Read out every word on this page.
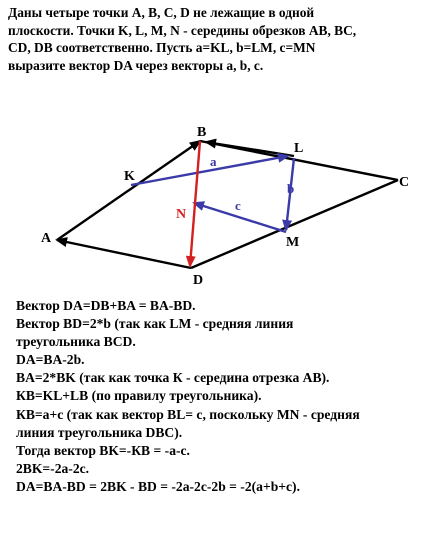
Даны четыре точки A, B, C, D не лежащие в одной
плоскости. Точки K, L, M, N - середины обрезков AB, BC,
CD, DB соответственно. Пусть a=KL, b=LM, c=MN
выразите вектор DA через векторы a, b, c.
A
B
C
D
K
L
M
N
a
b
c
Вектор DA=DB+BA = BA-BD.
Вектор BD=2*b (так как LM - средняя линия
треугольника BCD.
DA=BA-2b.
BA=2*BK (так как точка К - середина отрезка AB).
КB=KL+LB (по правилу треугольника).
КB=a+c (так как вектор BL= c, поскольку MN - средняя
линия треугольника DBC).
Тогда вектор BK=-КB = -a-c.
2BK=-2a-2c.
DA=BA-BD = 2BK - BD = -2a-2c-2b = -2(a+b+c).
